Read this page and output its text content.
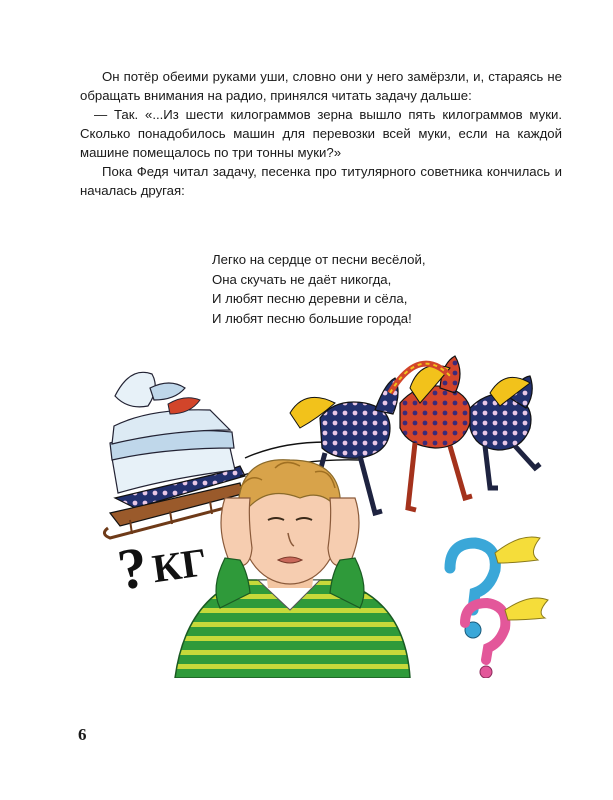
Он потёр обеими руками уши, словно они у него замёрзли, и, стараясь не обращать внимания на радио, принялся читать задачу дальше:

— Так. «...Из шести килограммов зерна вышло пять килограммов муки. Сколько понадобилось машин для перевозки всей муки, если на каждой машине помещалось по три тонны муки?»

Пока Федя читал задачу, песенка про титулярного советника кончилась и началась другая:

Легко на сердце от песни весёлой,
Она скучать не даёт никогда,
И любят песню деревни и сёла,
И любят песню большие города!
?
КГ
6
